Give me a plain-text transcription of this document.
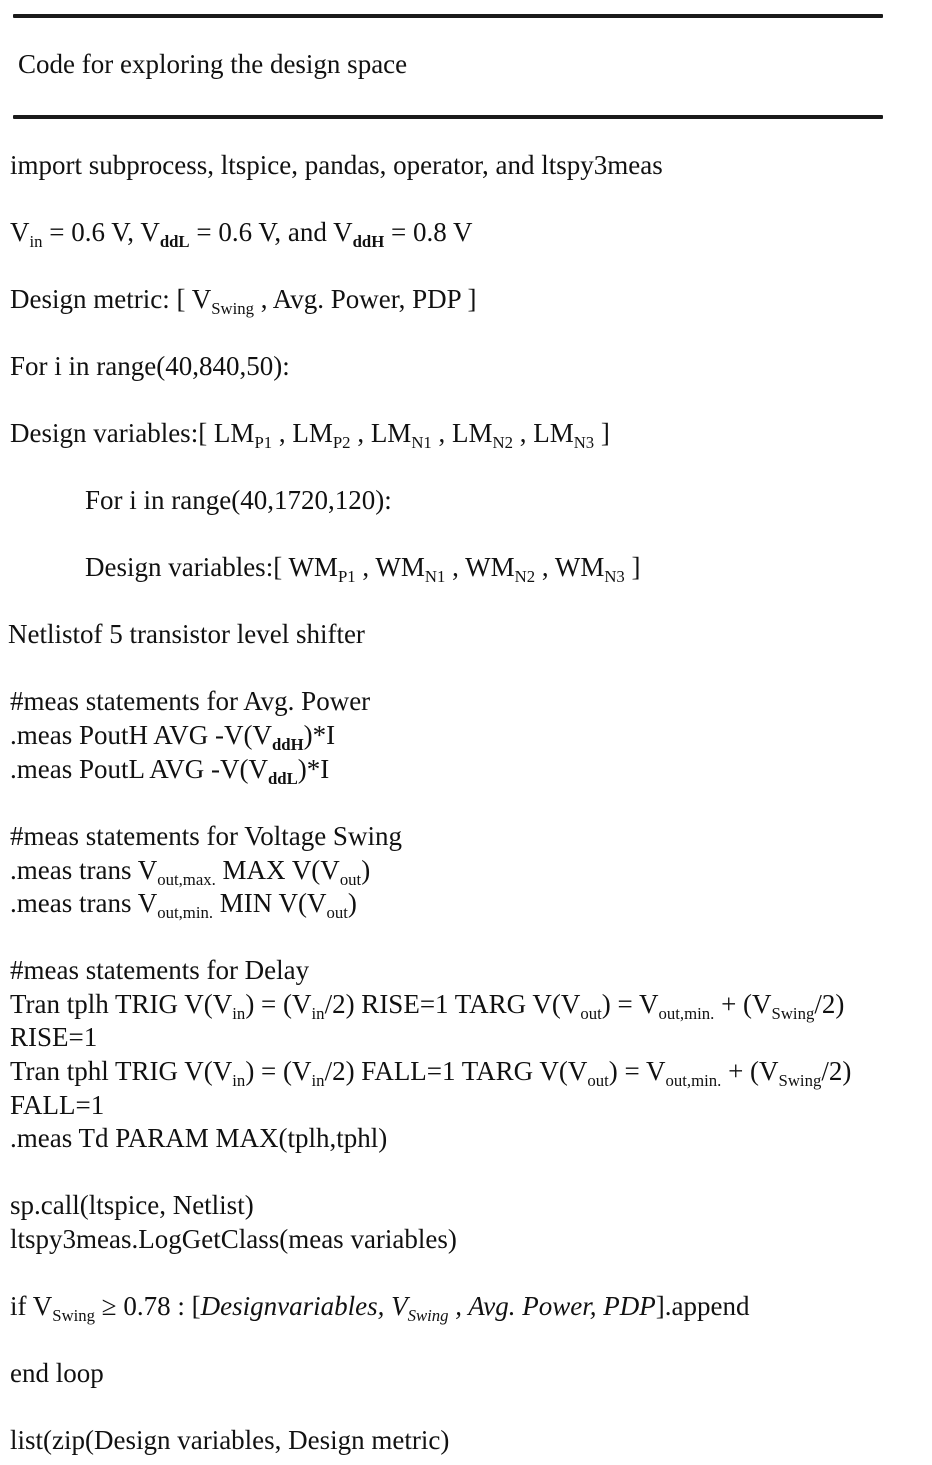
Code for exploring the design space
import subprocess, ltspice, pandas, operator, and ltspy3meas
$V_{in} = 0.6$ V, $V_{ddL} = 0.6$ V, and $V_{ddH} = 0.8$ V
Design metric: [ $V_{Swing}$ , Avg. Power, PDP ]
For i in range(40,840,50):
Design variables:[ $LM_{P1}$ , $LM_{P2}$ , $LM_{N1}$ , $LM_{N2}$ , $LM_{N3}$ ]
For i in range(40,1720,120):
Design variables:[ $WM_{P1}$ , $WM_{N1}$ , $WM_{N2}$ , $WM_{N3}$ ]
Netlistof 5 transistor level shifter
#meas statements for Avg. Power
.meas PoutH AVG $-V(V_{ddH})*I$
.meas PoutL AVG $-V(V_{ddL})*I$
#meas statements for Voltage Swing
.meas trans $V_{out,max.}$ MAX $V(V_{out})$
.meas trans $V_{out,min.}$ MIN $V(V_{out})$
#meas statements for Delay
Tran tplh TRIG $V(V_{in}) = (V_{in}/2)$ RISE=1 TARG $V(V_{out}) = V_{out,min.} + (V_{Swing}/2)$
RISE=1
Tran tphl TRIG $V(V_{in}) = (V_{in}/2)$ FALL=1 TARG $V(V_{out}) = V_{out,min.} + (V_{Swing}/2)$
FALL=1
.meas Td PARAM MAX(tplh,tphl)
sp.call(ltspice, Netlist)
ltspy3meas.LogGetClass(meas variables)
if $V_{Swing} \ge 0.78$ : [Designvariables, $V_{Swing}$ , Avg. Power, PDP].append
end loop
list(zip(Design variables, Design metric)
